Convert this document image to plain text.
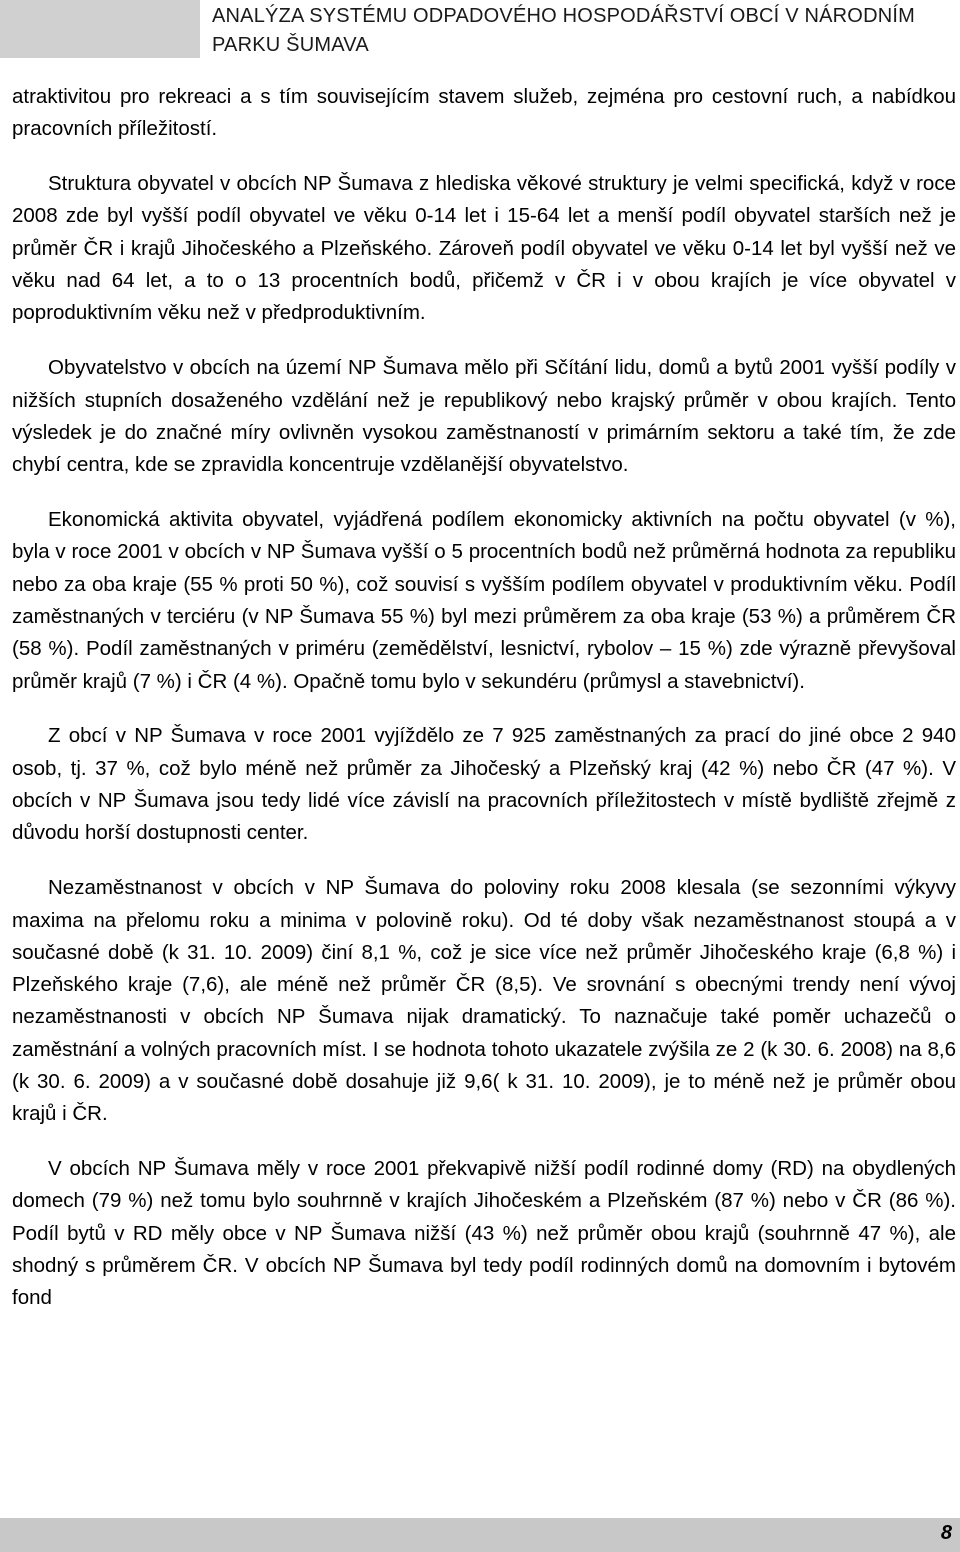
ANALÝZA SYSTÉMU ODPADOVÉHO HOSPODÁŘSTVÍ OBCÍ V NÁRODNÍM PARKU ŠUMAVA

atraktivitou pro rekreaci a s tím souvisejícím stavem služeb, zejména pro cestovní ruch, a nabídkou pracovních příležitostí.

Struktura obyvatel v obcích NP Šumava z hlediska věkové struktury je velmi specifická, když v roce 2008 zde byl vyšší podíl obyvatel ve věku 0-14 let i 15-64 let a menší podíl obyvatel starších než je průměr ČR i krajů Jihočeského a Plzeňského. Zároveň podíl obyvatel ve věku 0-14 let byl vyšší než ve věku nad 64 let, a to o 13 procentních bodů, přičemž v ČR i v obou krajích je více obyvatel v poproduktivním věku než v předproduktivním.

Obyvatelstvo v obcích na území NP Šumava mělo při Sčítání lidu, domů a bytů 2001 vyšší podíly v nižších stupních dosaženého vzdělání než je republikový nebo krajský průměr v obou krajích. Tento výsledek je do značné míry ovlivněn vysokou zaměstnaností v primárním sektoru a také tím, že zde chybí centra, kde se zpravidla koncentruje vzdělanější obyvatelstvo.

Ekonomická aktivita obyvatel, vyjádřená podílem ekonomicky aktivních na počtu obyvatel (v %), byla v roce 2001 v obcích v NP Šumava vyšší o 5 procentních bodů než průměrná hodnota za republiku nebo za oba kraje (55 % proti 50 %), což souvisí s vyšším podílem obyvatel v produktivním věku. Podíl zaměstnaných v terciéru (v NP Šumava 55 %) byl mezi průměrem za oba kraje (53 %) a průměrem ČR (58 %). Podíl zaměstnaných v priméru (zemědělství, lesnictví, rybolov – 15 %) zde výrazně převyšoval průměr krajů (7 %) i ČR (4 %). Opačně tomu bylo v sekundéru (průmysl a stavebnictví).

Z obcí v NP Šumava v roce 2001 vyjíždělo ze 7 925 zaměstnaných za prací do jiné obce 2 940 osob, tj. 37 %, což bylo méně než průměr za Jihočeský a Plzeňský kraj (42 %) nebo ČR (47 %). V obcích v NP Šumava jsou tedy lidé více závislí na pracovních příležitostech v místě bydliště zřejmě z důvodu horší dostupnosti center.

Nezaměstnanost v obcích v NP Šumava do poloviny roku 2008 klesala (se sezonními výkyvy maxima na přelomu roku a minima v polovině roku). Od té doby však nezaměstnanost stoupá a v současné době (k 31. 10. 2009) činí 8,1 %, což je sice více než průměr Jihočeského kraje (6,8 %) i Plzeňského kraje (7,6), ale méně než průměr ČR (8,5). Ve srovnání s obecnými trendy není vývoj nezaměstnanosti v obcích NP Šumava nijak dramatický. To naznačuje také poměr uchazečů o zaměstnání a volných pracovních míst. I se hodnota tohoto ukazatele zvýšila ze 2 (k 30. 6. 2008) na 8,6 (k 30. 6. 2009) a v současné době dosahuje již 9,6( k 31. 10. 2009), je to méně než je průměr obou krajů i ČR.

V obcích NP Šumava měly v roce 2001 překvapivě nižší podíl rodinné domy (RD) na obydlených domech (79 %) než tomu bylo souhrnně v krajích Jihočeském a Plzeňském (87 %) nebo v ČR (86 %). Podíl bytů v RD měly obce v NP Šumava nižší (43 %) než průměr obou krajů (souhrnně 47 %), ale shodný s průměrem ČR. V obcích NP Šumava byl tedy podíl rodinných domů na domovním i bytovém fond

8
